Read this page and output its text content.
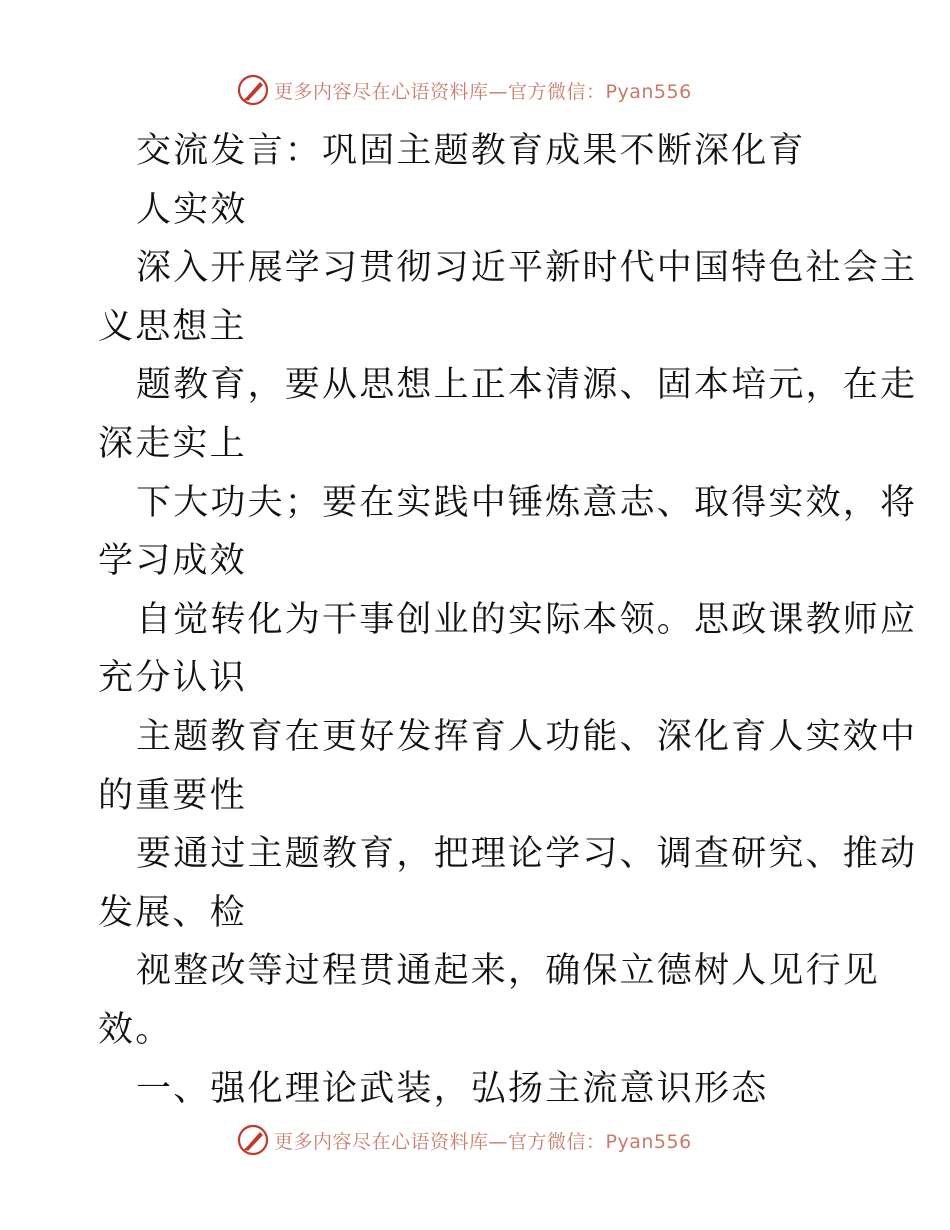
更多内容尽在心语资料库—官方微信：Pyan556
交流发言：巩固主题教育成果不断深化育
人实效
深入开展学习贯彻习近平新时代中国特色社会主
义思想主
题教育，要从思想上正本清源、固本培元，在走
深走实上
下大功夫；要在实践中锤炼意志、取得实效，将
学习成效
自觉转化为干事创业的实际本领。思政课教师应
充分认识
主题教育在更好发挥育人功能、深化育人实效中
的重要性
要通过主题教育，把理论学习、调查研究、推动
发展、检
视整改等过程贯通起来，确保立德树人见行见
效。
一、强化理论武装，弘扬主流意识形态
更多内容尽在心语资料库—官方微信：Pyan556
